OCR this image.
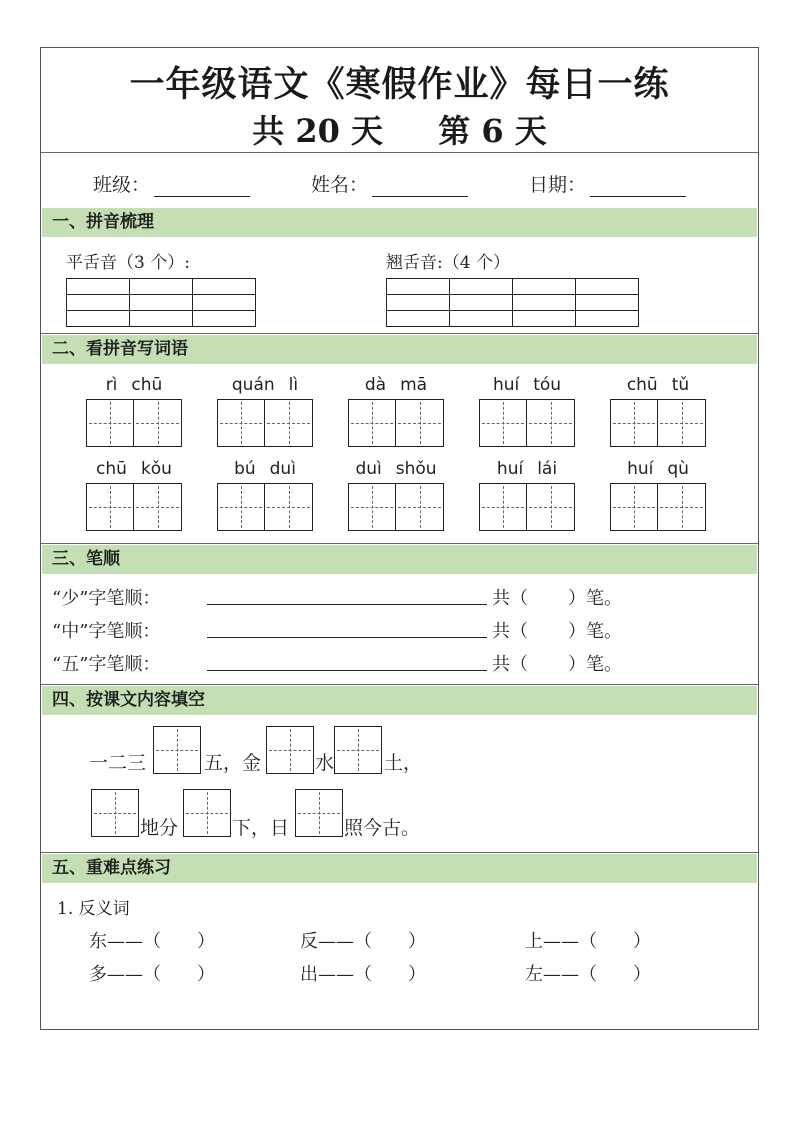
一年级语文《寒假作业》每日一练
共 20 天 第 6 天
班级：	姓名：	日期：
一、拼音梳理
平舌音（3 个）:

			翘舌音:（4 个）

二、看拼音写词语
rì chū	quán lì	dà mā	huí tóu	chū tǔ
chū kǒu	bú duì	duì shǒu	huí lái	huí qù
三、笔顺
“少”字笔顺：	共（ ）笔。
“中”字笔顺：	共（ ）笔。
“五”字笔顺：	共（ ）笔。
四、按课文内容填空
一二三	五，金	水	土，
地分	下，日	照今古。
五、重难点练习
1. 反义词
东——（ ）	反——（ ）	上——（ ）
多——（ ）	出——（ ）	左——（ ）
